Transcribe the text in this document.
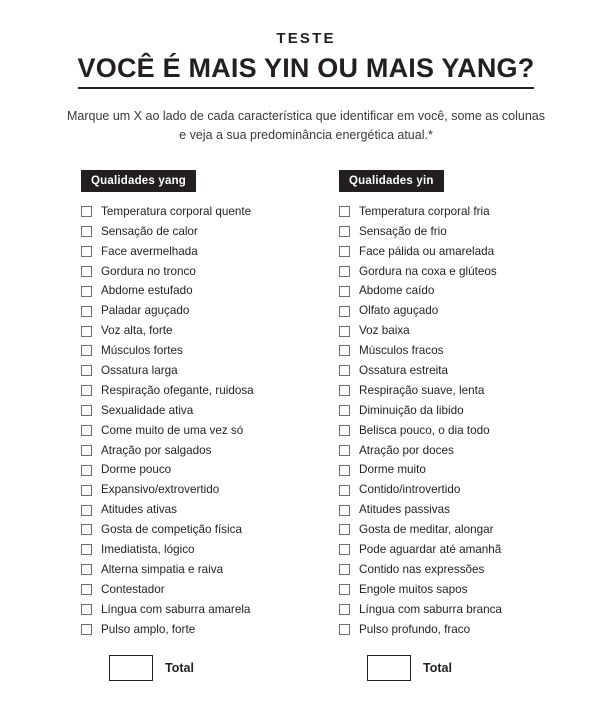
TESTE
VOCÊ É MAIS YIN OU MAIS YANG?
Marque um X ao lado de cada característica que identificar em você, some as colunas e veja a sua predominância energética atual.*
Qualidades yang
Temperatura corporal quente
Sensação de calor
Face avermelhada
Gordura no tronco
Abdome estufado
Paladar aguçado
Voz alta, forte
Músculos fortes
Ossatura larga
Respiração ofegante, ruidosa
Sexualidade ativa
Come muito de uma vez só
Atração por salgados
Dorme pouco
Expansivo/extrovertido
Atitudes ativas
Gosta de competição física
Imediatista, lógico
Alterna simpatia e raiva
Contestador
Língua com saburra amarela
Pulso amplo, forte
Qualidades yin
Temperatura corporal fria
Sensação de frio
Face pálida ou amarelada
Gordura na coxa e glúteos
Abdome caído
Olfato aguçado
Voz baixa
Músculos fracos
Ossatura estreita
Respiração suave, lenta
Diminuição da libido
Belisca pouco, o dia todo
Atração por doces
Dorme muito
Contido/introvertido
Atitudes passivas
Gosta de meditar, alongar
Pode aguardar até amanhã
Contido nas expressões
Engole muitos sapos
Língua com saburra branca
Pulso profundo, fraco
Total	Total
